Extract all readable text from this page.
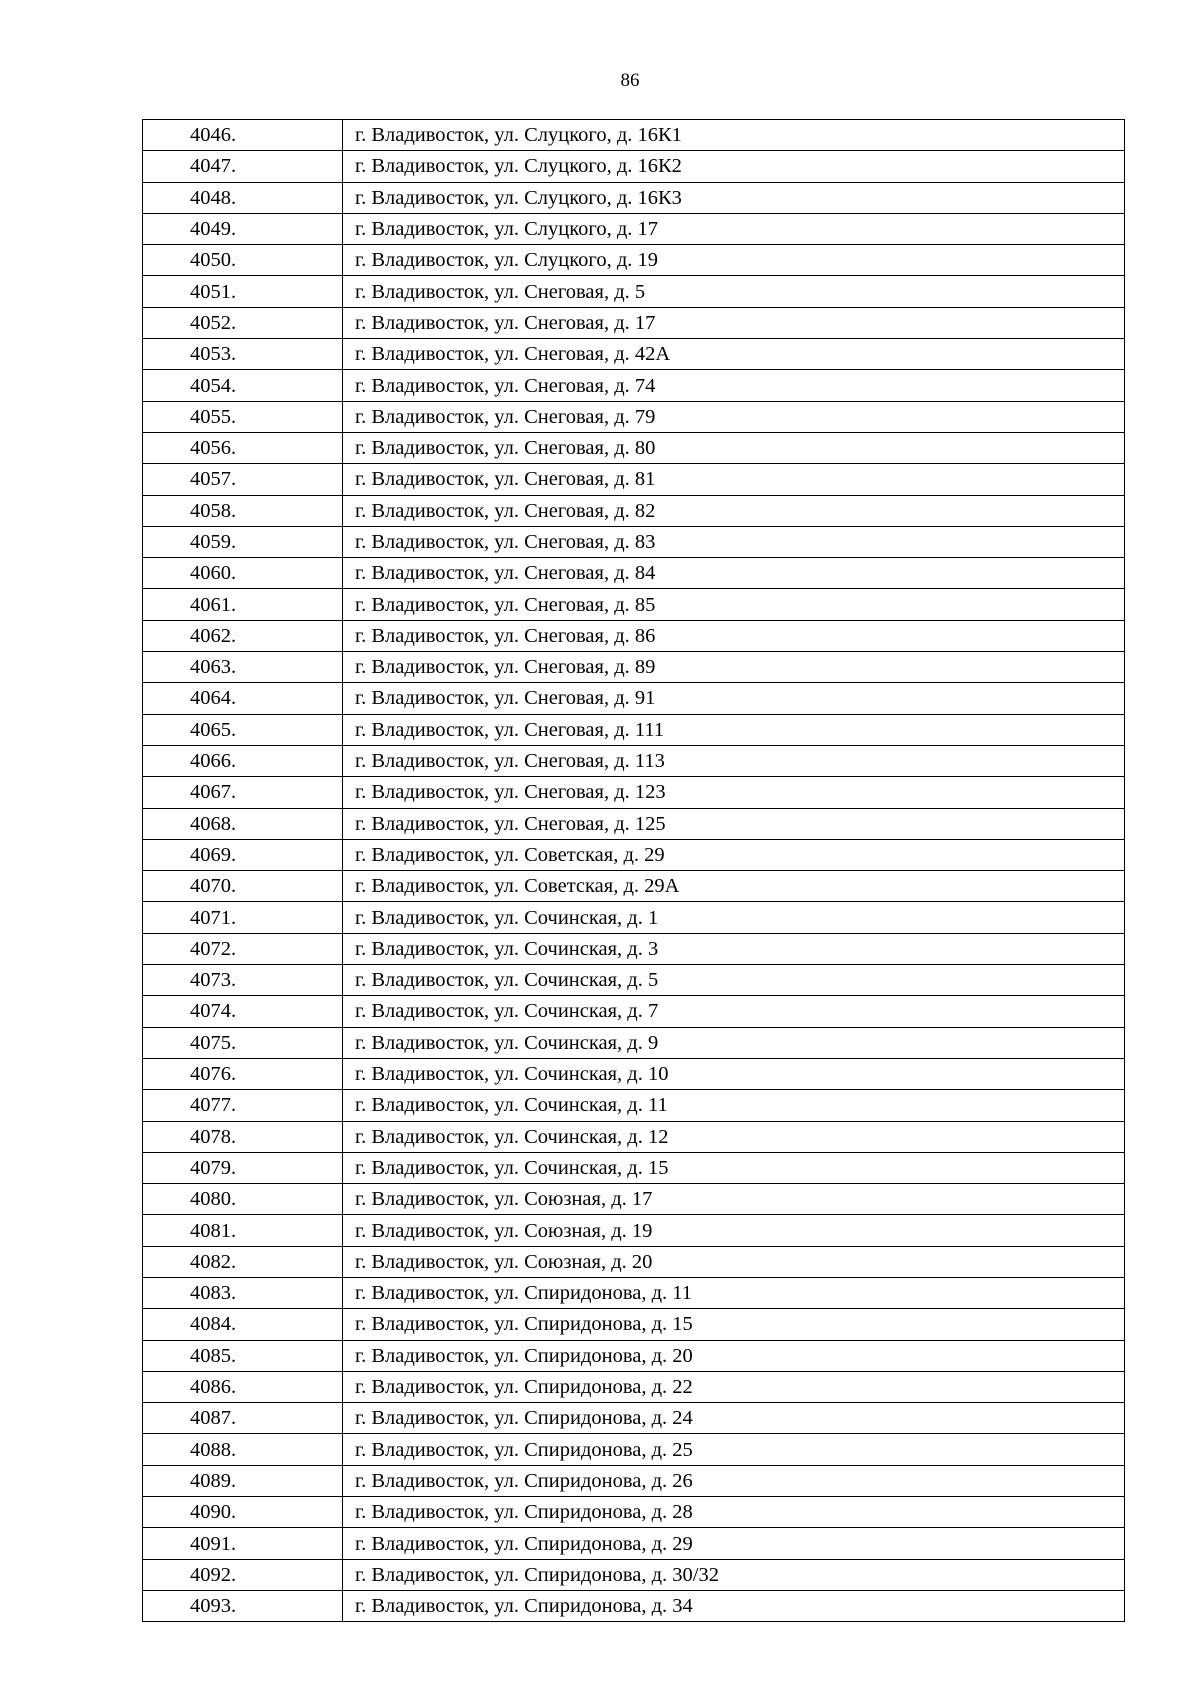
86
4046.	г. Владивосток, ул. Слуцкого, д. 16К1
4047.	г. Владивосток, ул. Слуцкого, д. 16К2
4048.	г. Владивосток, ул. Слуцкого, д. 16К3
4049.	г. Владивосток, ул. Слуцкого, д. 17
4050.	г. Владивосток, ул. Слуцкого, д. 19
4051.	г. Владивосток, ул. Снеговая, д. 5
4052.	г. Владивосток, ул. Снеговая, д. 17
4053.	г. Владивосток, ул. Снеговая, д. 42А
4054.	г. Владивосток, ул. Снеговая, д. 74
4055.	г. Владивосток, ул. Снеговая, д. 79
4056.	г. Владивосток, ул. Снеговая, д. 80
4057.	г. Владивосток, ул. Снеговая, д. 81
4058.	г. Владивосток, ул. Снеговая, д. 82
4059.	г. Владивосток, ул. Снеговая, д. 83
4060.	г. Владивосток, ул. Снеговая, д. 84
4061.	г. Владивосток, ул. Снеговая, д. 85
4062.	г. Владивосток, ул. Снеговая, д. 86
4063.	г. Владивосток, ул. Снеговая, д. 89
4064.	г. Владивосток, ул. Снеговая, д. 91
4065.	г. Владивосток, ул. Снеговая, д. 111
4066.	г. Владивосток, ул. Снеговая, д. 113
4067.	г. Владивосток, ул. Снеговая, д. 123
4068.	г. Владивосток, ул. Снеговая, д. 125
4069.	г. Владивосток, ул. Советская, д. 29
4070.	г. Владивосток, ул. Советская, д. 29А
4071.	г. Владивосток, ул. Сочинская, д. 1
4072.	г. Владивосток, ул. Сочинская, д. 3
4073.	г. Владивосток, ул. Сочинская, д. 5
4074.	г. Владивосток, ул. Сочинская, д. 7
4075.	г. Владивосток, ул. Сочинская, д. 9
4076.	г. Владивосток, ул. Сочинская, д. 10
4077.	г. Владивосток, ул. Сочинская, д. 11
4078.	г. Владивосток, ул. Сочинская, д. 12
4079.	г. Владивосток, ул. Сочинская, д. 15
4080.	г. Владивосток, ул. Союзная, д. 17
4081.	г. Владивосток, ул. Союзная, д. 19
4082.	г. Владивосток, ул. Союзная, д. 20
4083.	г. Владивосток, ул. Спиридонова, д. 11
4084.	г. Владивосток, ул. Спиридонова, д. 15
4085.	г. Владивосток, ул. Спиридонова, д. 20
4086.	г. Владивосток, ул. Спиридонова, д. 22
4087.	г. Владивосток, ул. Спиридонова, д. 24
4088.	г. Владивосток, ул. Спиридонова, д. 25
4089.	г. Владивосток, ул. Спиридонова, д. 26
4090.	г. Владивосток, ул. Спиридонова, д. 28
4091.	г. Владивосток, ул. Спиридонова, д. 29
4092.	г. Владивосток, ул. Спиридонова, д. 30/32
4093.	г. Владивосток, ул. Спиридонова, д. 34
